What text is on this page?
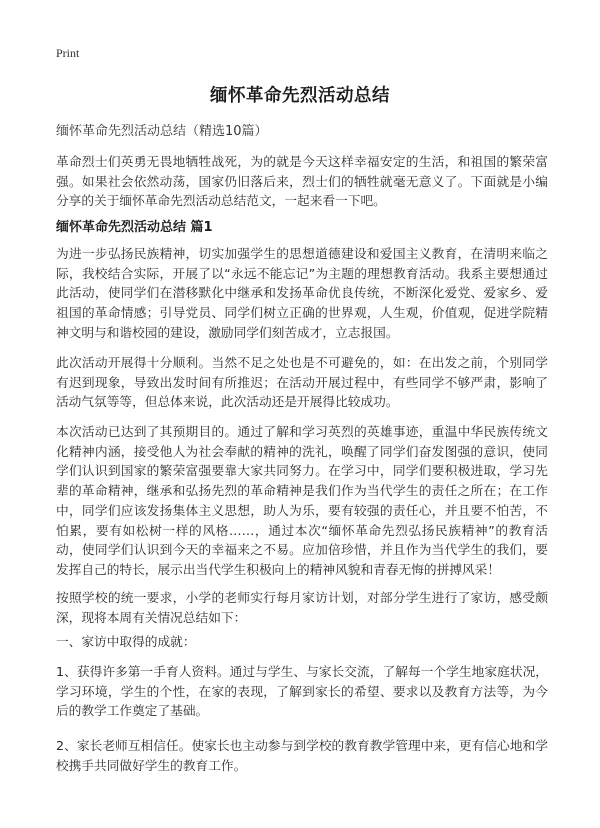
Print
缅怀革命先烈活动总结
缅怀革命先烈活动总结（精选10篇）

革命烈士们英勇无畏地牺牲战死，为的就是今天这样幸福安定的生活，和祖国的繁荣富强。如果社会依然动荡，国家仍旧落后来，烈士们的牺牲就毫无意义了。下面就是小编分享的关于缅怀革命先烈活动总结范文，一起来看一下吧。

缅怀革命先烈活动总结 篇1

为进一步弘扬民族精神，切实加强学生的思想道德建设和爱国主义教育，在清明来临之际，我校结合实际，开展了以“永远不能忘记”为主题的理想教育活动。我系主要想通过此活动，使同学们在潜移默化中继承和发扬革命优良传统，不断深化爱党、爱家乡、爱祖国的革命情感；引导党员、同学们树立正确的世界观，人生观，价值观，促进学院精神文明与和谐校园的建设，激励同学们刻苦成才，立志报国。

此次活动开展得十分顺利。当然不足之处也是不可避免的，如：在出发之前，个别同学有迟到现象，导致出发时间有所推迟；在活动开展过程中，有些同学不够严肃，影响了活动气氛等等，但总体来说，此次活动还是开展得比较成功。

本次活动已达到了其预期目的。通过了解和学习英烈的英雄事迹，重温中华民族传统文化精神内涵，接受他人为社会奉献的精神的洗礼，唤醒了同学们奋发图强的意识，使同学们认识到国家的繁荣富强要靠大家共同努力。在学习中，同学们要积极进取，学习先辈的革命精神，继承和弘扬先烈的革命精神是我们作为当代学生的责任之所在；在工作中，同学们应该发扬集体主义思想，助人为乐，要有较强的责任心，并且要不怕苦，不怕累，要有如松树一样的风格……，通过本次“缅怀革命先烈弘扬民族精神”的教育活动，使同学们认识到今天的幸福来之不易。应加倍珍惜，并且作为当代学生的我们，要发挥自己的特长，展示出当代学生积极向上的精神风貌和青春无悔的拼搏风采！

按照学校的统一要求，小学的老师实行每月家访计划，对部分学生进行了家访，感受颇深，现将本周有关情况总结如下：

一、家访中取得的成就：

1、获得许多第一手育人资料。通过与学生、与家长交流，了解每一个学生地家庭状况，学习环境，学生的个性，在家的表现，了解到家长的希望、要求以及教育方法等，为今后的教学工作奠定了基础。

2、家长老师互相信任。使家长也主动参与到学校的教育教学管理中来，更有信心地和学校携手共同做好学生的教育工作。
